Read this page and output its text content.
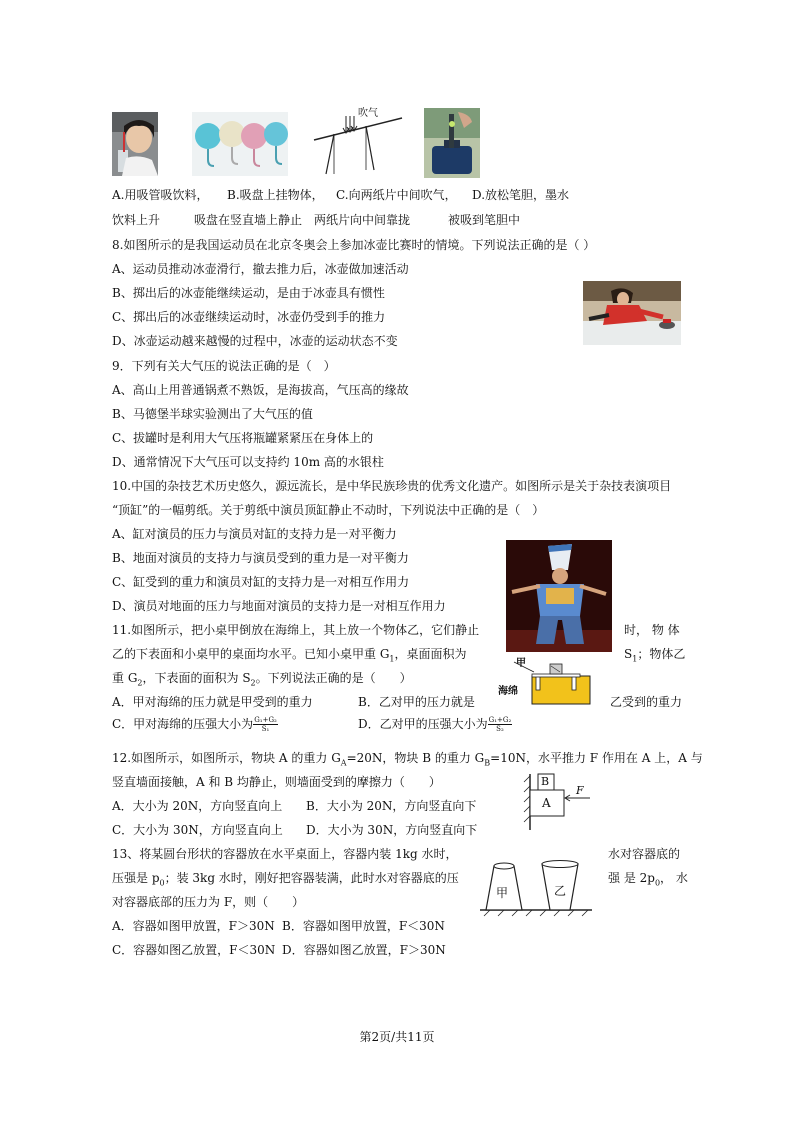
吹气
A.用吸管吸饮料， B.吸盘上挂物体， C.向两纸片中间吹气， D.放松笔胆，墨水
饮料上升	吸盘在竖直墙上静止 两纸片向中间靠拢	被吸到笔胆中
8.如图所示的是我国运动员在北京冬奥会上参加冰壶比赛时的情境。下列说法正确的是（ ）
A、运动员推动冰壶滑行，撤去推力后，冰壶做加速活动
B、掷出后的冰壶能继续运动，是由于冰壶具有惯性
C、掷出后的冰壶继续运动时，冰壶仍受到手的推力
D、冰壶运动越来越慢的过程中，冰壶的运动状态不变
9．下列有关大气压的说法正确的是（　）
A、高山上用普通锅煮不熟饭，是海拔高，气压高的缘故
B、马德堡半球实验测出了大气压的值
C、拔罐时是利用大气压将瓶罐紧紧压在身体上的
D、通常情况下大气压可以支持约 10m 高的水银柱
10.中国的杂技艺术历史悠久，源远流长，是中华民族珍贵的优秀文化遗产。如图所示是关于杂技表演项目
“顶缸”的一幅剪纸。关于剪纸中演员顶缸静止不动时，下列说法中正确的是（　）
A、缸对演员的压力与演员对缸的支持力是一对平衡力
B、地面对演员的支持力与演员受到的重力是一对平衡力
C、缸受到的重力和演员对缸的支持力是一对相互作用力
D、演员对地面的压力与地面对演员的支持力是一对相互作用力
11.如图所示，把小桌甲倒放在海绵上，其上放一个物体乙，它们静止	时， 物 体
乙的下表面和小桌甲的桌面均水平。已知小桌甲重 $G_1$，桌面面积为	$S_1$；物体乙
重 $G_2$，下表面的面积为 $S_2$。下列说法正确的是（　　）
A．甲对海绵的压力就是甲受到的重力	B．乙对甲的压力就是	乙受到的重力
C．甲对海绵的压强大小为 $\frac{\text{G₁+G₂}}{\text{S₁}}$	D．乙对甲的压强大小为 $\frac{\text{G₁+G₂}}{\text{S₂}}$
甲
海绵
12.如图所示，如图所示，物块 A 的重力 $G_A=20N$，物块 B 的重力 $G_B=10N$，水平推力 F 作用在 A 上，A 与
竖直墙面接触，A 和 B 均静止，则墙面受到的摩擦力（　　）
A．大小为 20N，方向竖直向上 B．大小为 20N，方向竖直向下
C．大小为 30N，方向竖直向上 D．大小为 30N，方向竖直向下
B
A
F
13、将某圆台形状的容器放在水平桌面上，容器内装 1kg 水时，	水对容器底的
压强是 $p_0$；装 3kg 水时，刚好把容器装满，此时水对容器底的压	强 是 $2p_0$， 水
对容器底部的压力为 F，则（　　）
A．容器如图甲放置，F＞30N B．容器如图甲放置，F＜30N
C．容器如图乙放置，F＜30N D．容器如图乙放置，F＞30N
甲	乙
第2页/共11页
